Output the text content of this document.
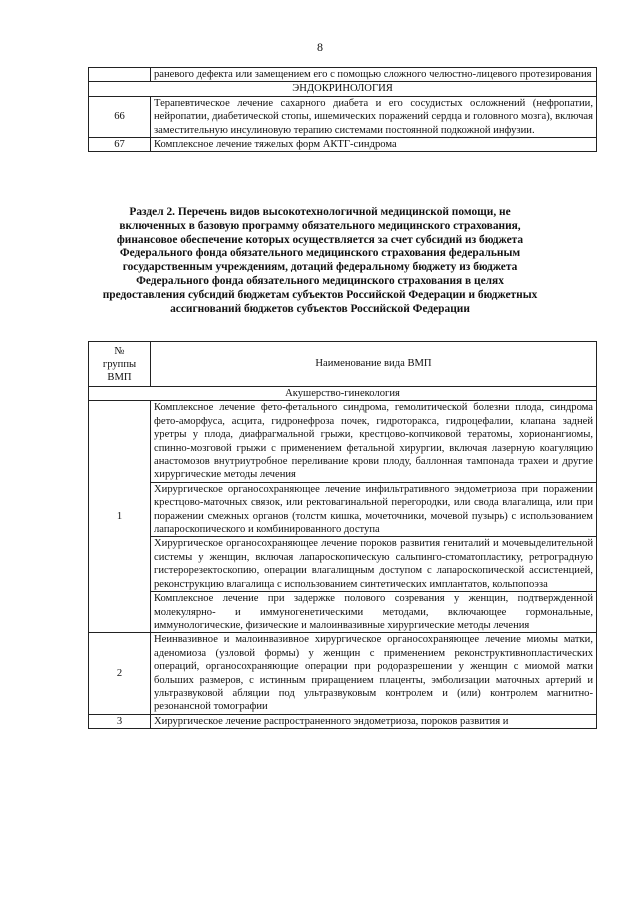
8
	раневого дефекта или замещением его с помощью сложного челюстно-лицевого протезирования
ЭНДОКРИНОЛОГИЯ	
66	Терапевтическое лечение сахарного диабета и его сосудистых осложнений (нефропатии, нейропатии, диабетической стопы, ишемических поражений сердца и головного мозга), включая заместительную инсулиновую терапию системами постоянной подкожной инфузии.
67	Комплексное лечение тяжелых форм АКТГ-синдрома
Раздел 2. Перечень видов высокотехнологичной медицинской помощи, не
включенных в базовую программу обязательного медицинского страхования,
финансовое обеспечение которых осуществляется за счет субсидий из бюджета
Федерального фонда обязательного медицинского страхования федеральным
государственным учреждениям, дотаций федеральному бюджету из бюджета
Федерального фонда обязательного медицинского страхования в целях
предоставления субсидий бюджетам субъектов Российской Федерации и бюджетных
ассигнований бюджетов субъектов Российской Федерации
№
группы
ВМП	Наименование вида ВМП
Акушерство-гинекология	
1	Комплексное лечение фето-фетального синдрома, гемолитической болезни плода, синдрома фето-аморфуса, асцита, гидронефроза почек, гидроторакса, гидроцефалии, клапана задней уретры у плода, диафрагмальной грыжи, крестцово-копчиковой тератомы, хорионангиомы, спинно-мозговой грыжи с применением фетальной хирургии, включая лазерную коагуляцию анастомозов внутриутробное переливание крови плоду, баллонная тампонада трахеи и другие хирургические методы лечения
	Хирургическое органосохраняющее лечение инфильтративного эндометриоза при поражении крестцово-маточных связок, или ректовагинальной перегородки, или свода влагалища, или при поражении смежных органов (толстм кишка, мочеточники, мочевой пузырь) с использованием лапароскопического и комбинированного доступа
	Хирургическое органосохраняющее лечение пороков развития гениталий и мочевыделительной системы у женщин, включая лапароскопическую сальпинго-стоматопластику, ретроградную гистерорезектоскопию, операции влагалищным доступом с лапароскопической ассистенцией, реконструкцию влагалища с использованием синтетических имплантатов, кольпопоэза
	Комплексное лечение при задержке полового созревания у женщин, подтвержденной молекулярно- и иммуногенетическими методами, включающее гормональные, иммунологические, физические и малоинвазивные хирургические методы лечения
2	Неинвазивное и малоинвазивное хирургическое органосохраняющее лечение миомы матки, аденомиоза (узловой формы) у женщин с применением реконструктивнопластических операций, органосохраняющие операции при родоразрешении у женщин с миомой матки больших размеров, с истинным приращением плаценты, эмболизации маточных артерий и ультразвуковой абляции под ультразвуковым контролем и (или) контролем магнитно-резонансной томографии
3	Хирургическое лечение распространенного эндометриоза, пороков развития и
